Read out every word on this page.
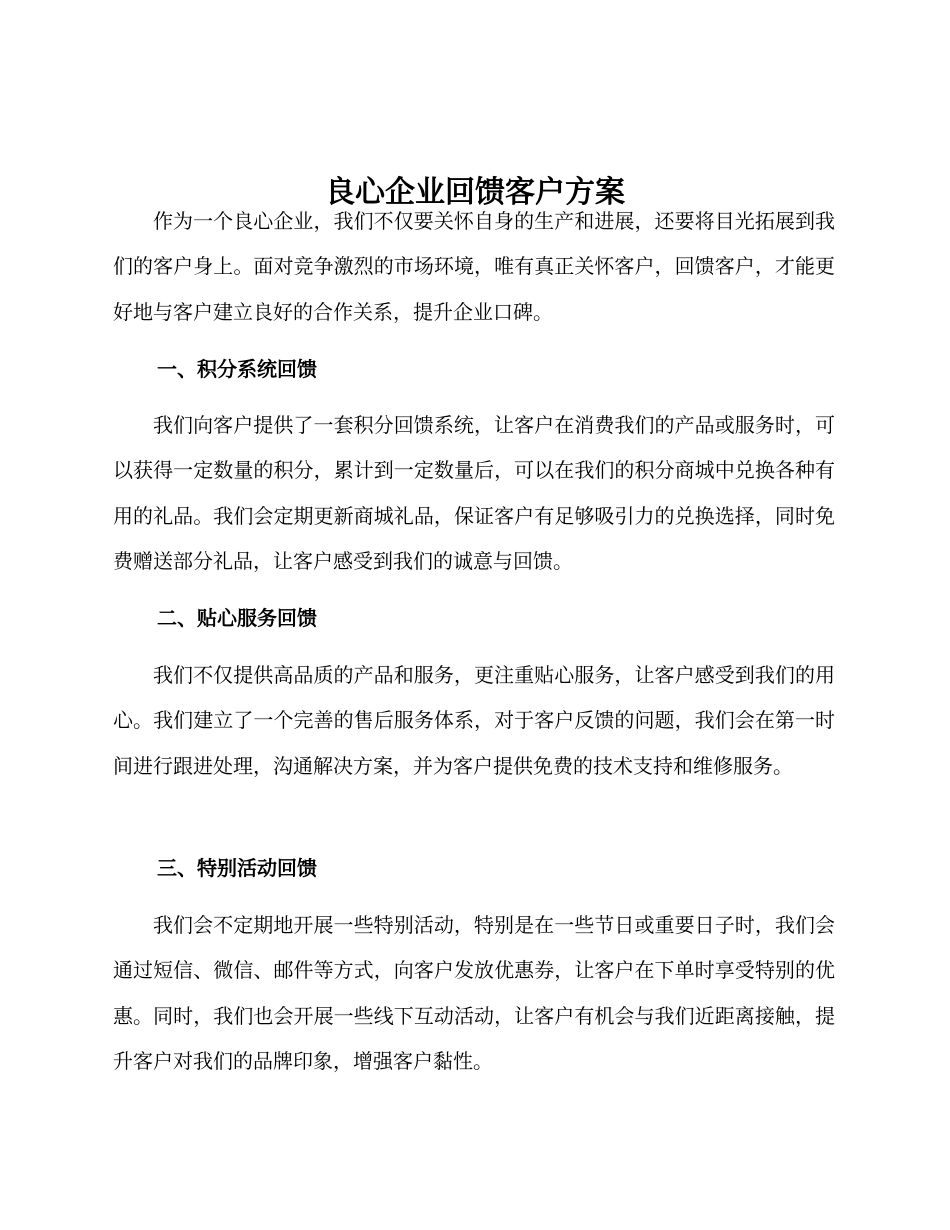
良心企业回馈客户方案

作为一个良心企业，我们不仅要关怀自身的生产和进展，还要将目光拓展到我们的客户身上。面对竞争激烈的市场环境，唯有真正关怀客户，回馈客户，才能更好地与客户建立良好的合作关系，提升企业口碑。

一、积分系统回馈

我们向客户提供了一套积分回馈系统，让客户在消费我们的产品或服务时，可以获得一定数量的积分，累计到一定数量后，可以在我们的积分商城中兑换各种有用的礼品。我们会定期更新商城礼品，保证客户有足够吸引力的兑换选择，同时免费赠送部分礼品，让客户感受到我们的诚意与回馈。

二、贴心服务回馈

我们不仅提供高品质的产品和服务，更注重贴心服务，让客户感受到我们的用心。我们建立了一个完善的售后服务体系，对于客户反馈的问题，我们会在第一时间进行跟进处理，沟通解决方案，并为客户提供免费的技术支持和维修服务。

三、特别活动回馈

我们会不定期地开展一些特别活动，特别是在一些节日或重要日子时，我们会通过短信、微信、邮件等方式，向客户发放优惠券，让客户在下单时享受特别的优惠。同时，我们也会开展一些线下互动活动，让客户有机会与我们近距离接触，提升客户对我们的品牌印象，增强客户黏性。
